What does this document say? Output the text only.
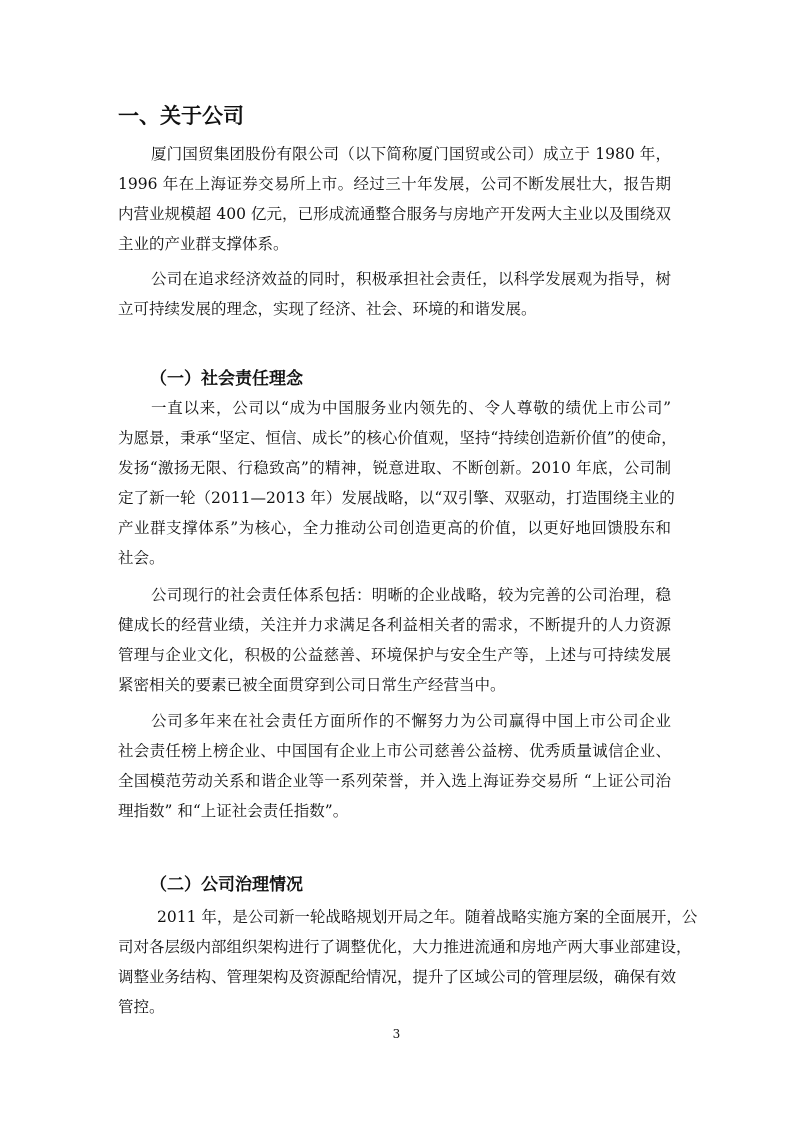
一、关于公司

厦门国贸集团股份有限公司（以下简称厦门国贸或公司）成立于 1980 年，

1996 年在上海证券交易所上市。经过三十年发展，公司不断发展壮大，报告期

内营业规模超 400 亿元，已形成流通整合服务与房地产开发两大主业以及围绕双

主业的产业群支撑体系。

公司在追求经济效益的同时，积极承担社会责任，以科学发展观为指导，树

立可持续发展的理念，实现了经济、社会、环境的和谐发展。

（一）社会责任理念

一直以来，公司以“成为中国服务业内领先的、令人尊敬的绩优上市公司”

为愿景，秉承“坚定、恒信、成长”的核心价值观，坚持“持续创造新价值”的使命，

发扬“激扬无限、行稳致高”的精神，锐意进取、不断创新。2010 年底，公司制

定了新一轮（2011—2013 年）发展战略，以“双引擎、双驱动，打造围绕主业的

产业群支撑体系”为核心，全力推动公司创造更高的价值，以更好地回馈股东和

社会。

公司现行的社会责任体系包括：明晰的企业战略，较为完善的公司治理，稳

健成长的经营业绩，关注并力求满足各利益相关者的需求，不断提升的人力资源

管理与企业文化，积极的公益慈善、环境保护与安全生产等，上述与可持续发展

紧密相关的要素已被全面贯穿到公司日常生产经营当中。

公司多年来在社会责任方面所作的不懈努力为公司赢得中国上市公司企业

社会责任榜上榜企业、中国国有企业上市公司慈善公益榜、优秀质量诚信企业、

全国模范劳动关系和谐企业等一系列荣誉，并入选上海证券交易所 “上证公司治

理指数” 和“上证社会责任指数”。

（二）公司治理情况

2011 年，是公司新一轮战略规划开局之年。随着战略实施方案的全面展开，公

司对各层级内部组织架构进行了调整优化，大力推进流通和房地产两大事业部建设，

调整业务结构、管理架构及资源配给情况，提升了区域公司的管理层级，确保有效

管控。

3
